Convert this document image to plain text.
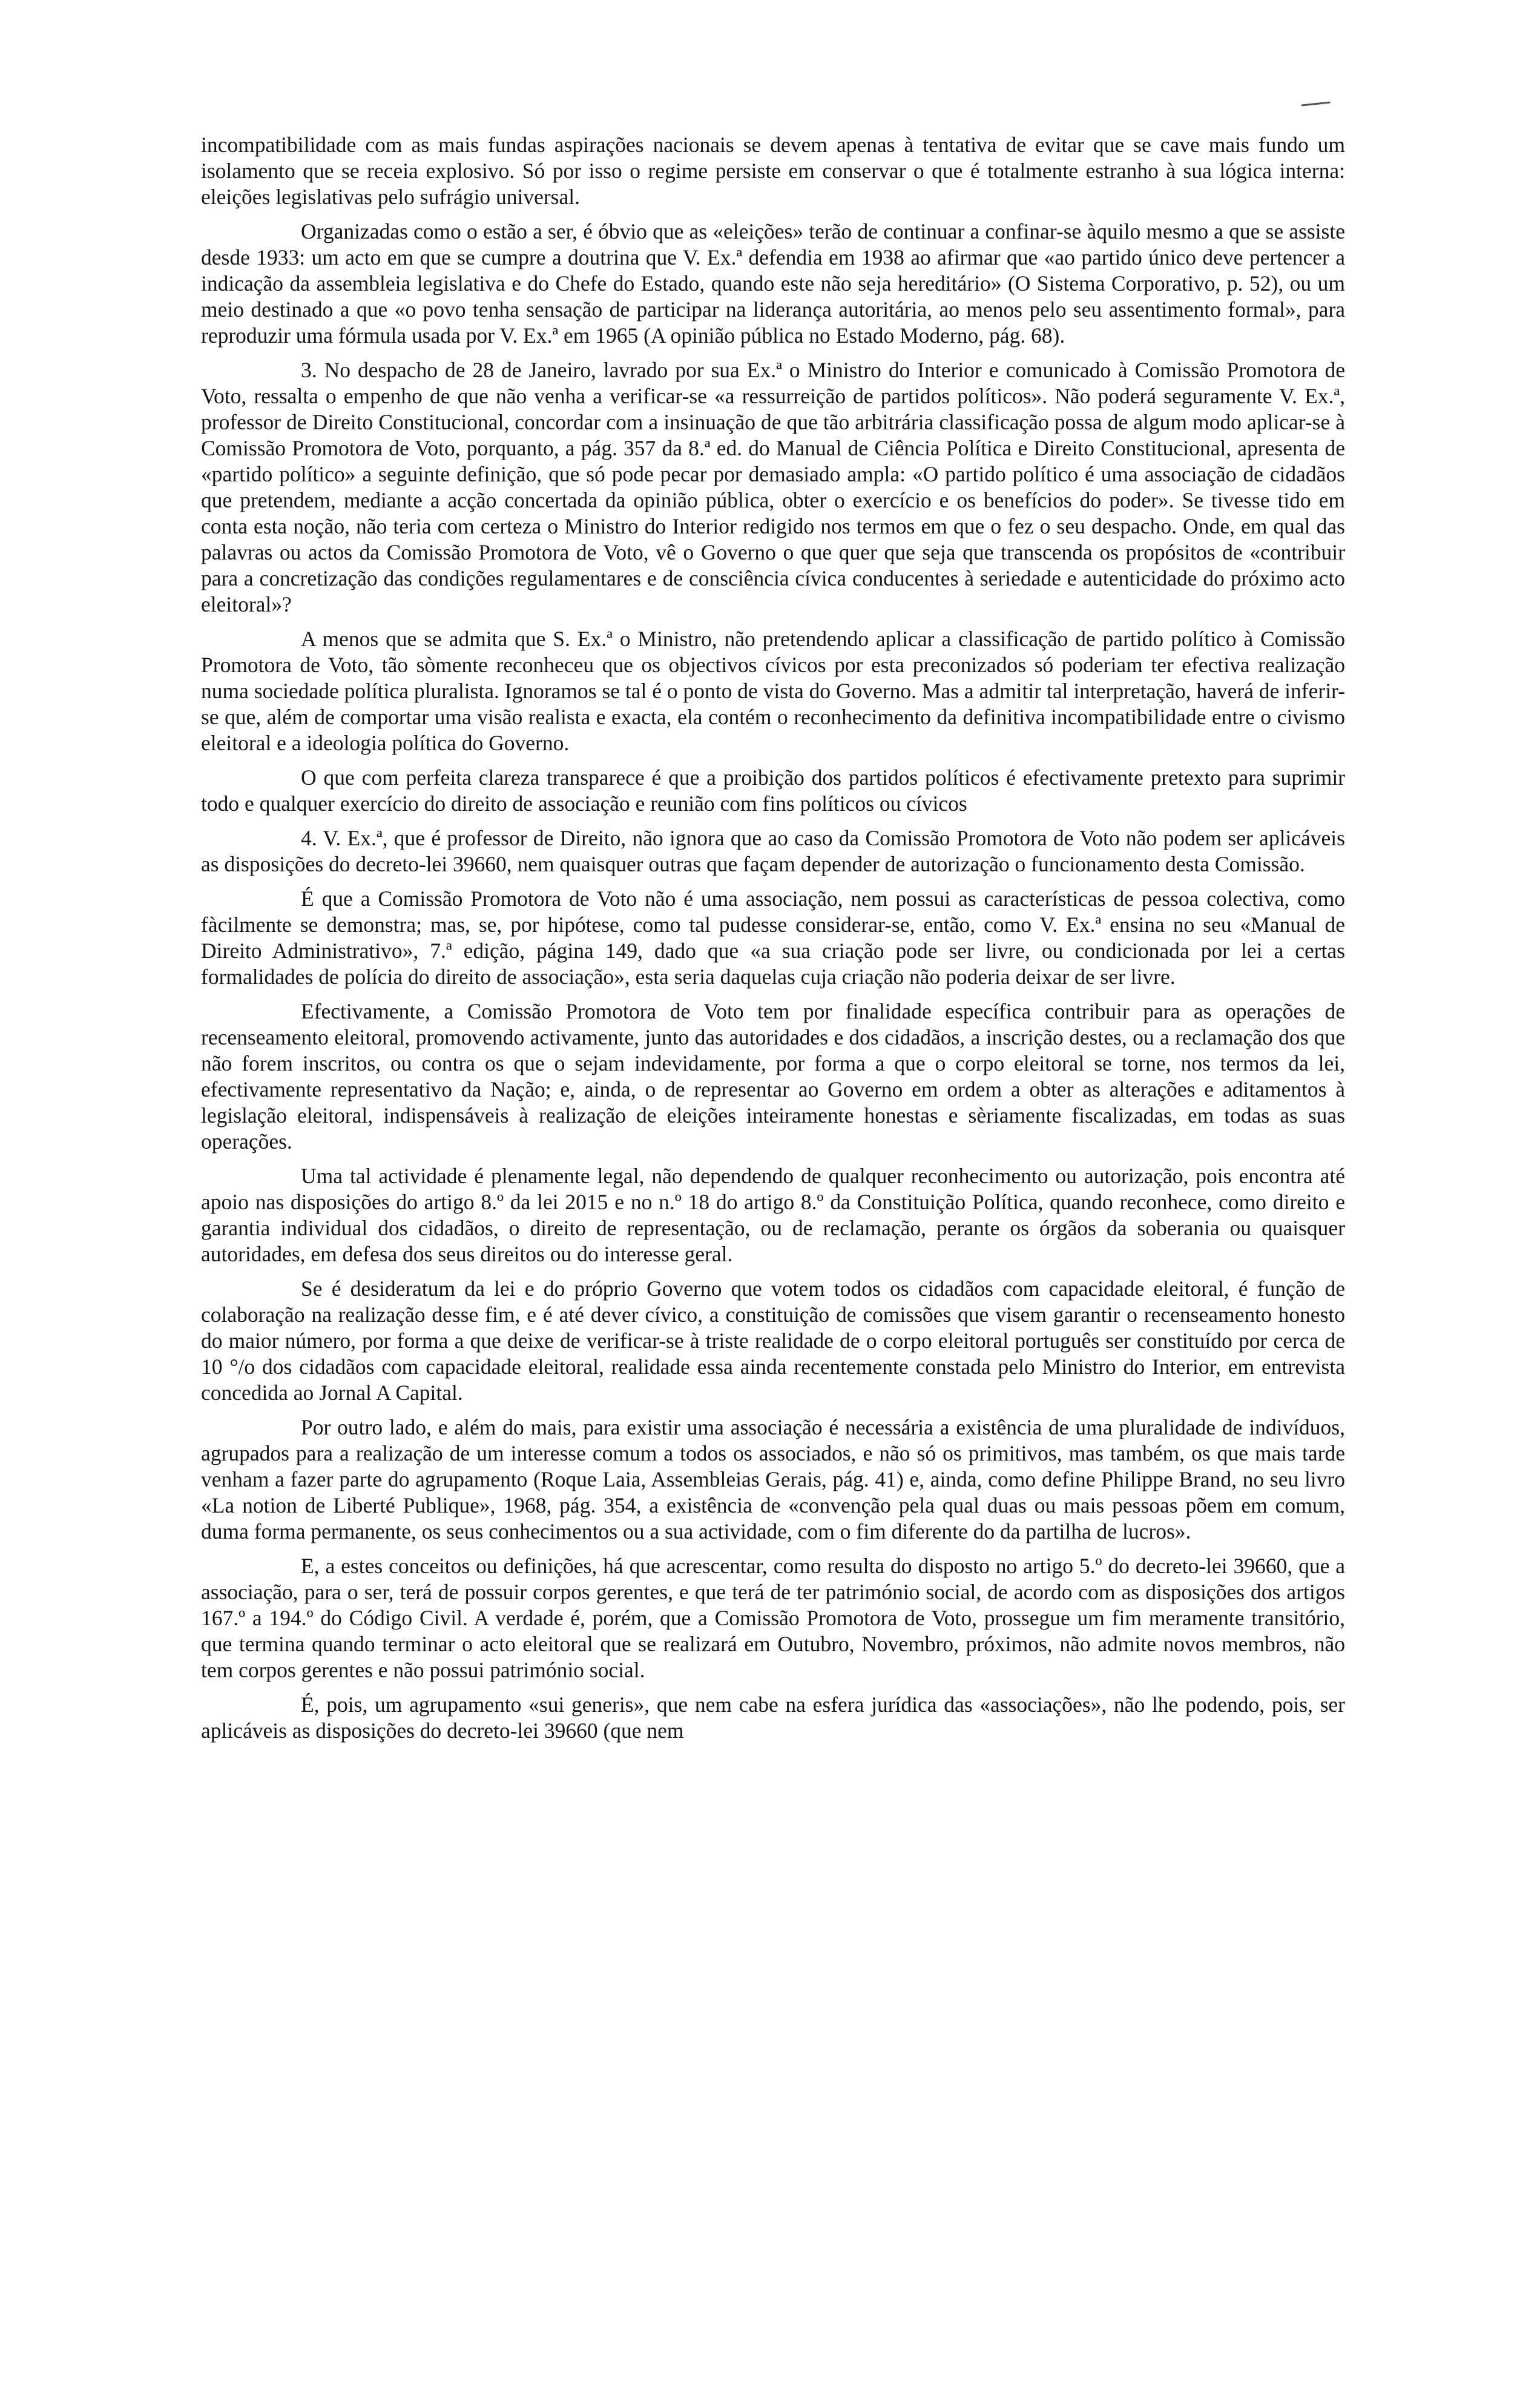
incompatibilidade com as mais fundas aspirações nacionais se devem apenas à tentativa de evitar que se cave mais fundo um isolamento que se receia explosivo. Só por isso o regime persiste em conservar o que é totalmente estranho à sua lógica interna: eleições legislativas pelo sufrágio universal.

Organizadas como o estão a ser, é óbvio que as «eleições» terão de continuar a confinar-se àquilo mesmo a que se assiste desde 1933: um acto em que se cumpre a doutrina que V. Ex.ª defendia em 1938 ao afirmar que «ao partido único deve pertencer a indicação da assembleia legislativa e do Chefe do Estado, quando este não seja hereditário» (O Sistema Corporativo, p. 52), ou um meio destinado a que «o povo tenha sensação de participar na liderança autoritária, ao menos pelo seu assentimento formal», para reproduzir uma fórmula usada por V. Ex.ª em 1965 (A opinião pública no Estado Moderno, pág. 68).

3. No despacho de 28 de Janeiro, lavrado por sua Ex.ª o Ministro do Interior e comunicado à Comissão Promotora de Voto, ressalta o empenho de que não venha a verificar-se «a ressurreição de partidos políticos». Não poderá seguramente V. Ex.ª, professor de Direito Constitucional, concordar com a insinuação de que tão arbitrária classificação possa de algum modo aplicar-se à Comissão Promotora de Voto, porquanto, a pág. 357 da 8.ª ed. do Manual de Ciência Política e Direito Constitucional, apresenta de «partido político» a seguinte definição, que só pode pecar por demasiado ampla: «O partido político é uma associação de cidadãos que pretendem, mediante a acção concertada da opinião pública, obter o exercício e os benefícios do poder». Se tivesse tido em conta esta noção, não teria com certeza o Ministro do Interior redigido nos termos em que o fez o seu despacho. Onde, em qual das palavras ou actos da Comissão Promotora de Voto, vê o Governo o que quer que seja que transcenda os propósitos de «contribuir para a concretização das condições regulamentares e de consciência cívica conducentes à seriedade e autenticidade do próximo acto eleitoral»?

A menos que se admita que S. Ex.ª o Ministro, não pretendendo aplicar a classificação de partido político à Comissão Promotora de Voto, tão sòmente reconheceu que os objectivos cívicos por esta preconizados só poderiam ter efectiva realização numa sociedade política pluralista. Ignoramos se tal é o ponto de vista do Governo. Mas a admitir tal interpretação, haverá de inferir-se que, além de comportar uma visão realista e exacta, ela contém o reconhecimento da definitiva incompatibilidade entre o civismo eleitoral e a ideologia política do Governo.

O que com perfeita clareza transparece é que a proibição dos partidos políticos é efectivamente pretexto para suprimir todo e qualquer exercício do direito de associação e reunião com fins políticos ou cívicos

4. V. Ex.ª, que é professor de Direito, não ignora que ao caso da Comissão Promotora de Voto não podem ser aplicáveis as disposições do decreto-lei 39660, nem quaisquer outras que façam depender de autorização o funcionamento desta Comissão.

É que a Comissão Promotora de Voto não é uma associação, nem possui as características de pessoa colectiva, como fàcilmente se demonstra; mas, se, por hipótese, como tal pudesse considerar-se, então, como V. Ex.ª ensina no seu «Manual de Direito Administrativo», 7.ª edição, página 149, dado que «a sua criação pode ser livre, ou condicionada por lei a certas formalidades de polícia do direito de associação», esta seria daquelas cuja criação não poderia deixar de ser livre.

Efectivamente, a Comissão Promotora de Voto tem por finalidade específica contribuir para as operações de recenseamento eleitoral, promovendo activamente, junto das autoridades e dos cidadãos, a inscrição destes, ou a reclamação dos que não forem inscritos, ou contra os que o sejam indevidamente, por forma a que o corpo eleitoral se torne, nos termos da lei, efectivamente representativo da Nação; e, ainda, o de representar ao Governo em ordem a obter as alterações e aditamentos à legislação eleitoral, indispensáveis à realização de eleições inteiramente honestas e sèriamente fiscalizadas, em todas as suas operações.

Uma tal actividade é plenamente legal, não dependendo de qualquer reconhecimento ou autorização, pois encontra até apoio nas disposições do artigo 8.º da lei 2015 e no n.º 18 do artigo 8.º da Constituição Política, quando reconhece, como direito e garantia individual dos cidadãos, o direito de representação, ou de reclamação, perante os órgãos da soberania ou quaisquer autoridades, em defesa dos seus direitos ou do interesse geral.

Se é desideratum da lei e do próprio Governo que votem todos os cidadãos com capacidade eleitoral, é função de colaboração na realização desse fim, e é até dever cívico, a constituição de comissões que visem garantir o recenseamento honesto do maior número, por forma a que deixe de verificar-se à triste realidade de o corpo eleitoral português ser constituído por cerca de 10 °/o dos cidadãos com capacidade eleitoral, realidade essa ainda recentemente constada pelo Ministro do Interior, em entrevista concedida ao Jornal A Capital.

Por outro lado, e além do mais, para existir uma associação é necessária a existência de uma pluralidade de indivíduos, agrupados para a realização de um interesse comum a todos os associados, e não só os primitivos, mas também, os que mais tarde venham a fazer parte do agrupamento (Roque Laia, Assembleias Gerais, pág. 41) e, ainda, como define Philippe Brand, no seu livro «La notion de Liberté Publique», 1968, pág. 354, a existência de «convenção pela qual duas ou mais pessoas põem em comum, duma forma permanente, os seus conhecimentos ou a sua actividade, com o fim diferente do da partilha de lucros».

E, a estes conceitos ou definições, há que acrescentar, como resulta do disposto no artigo 5.º do decreto-lei 39660, que a associação, para o ser, terá de possuir corpos gerentes, e que terá de ter património social, de acordo com as disposições dos artigos 167.º a 194.º do Código Civil. A verdade é, porém, que a Comissão Promotora de Voto, prossegue um fim meramente transitório, que termina quando terminar o acto eleitoral que se realizará em Outubro, Novembro, próximos, não admite novos membros, não tem corpos gerentes e não possui património social.

É, pois, um agrupamento «sui generis», que nem cabe na esfera jurídica das «associações», não lhe podendo, pois, ser aplicáveis as disposições do decreto-lei 39660 (que nem
